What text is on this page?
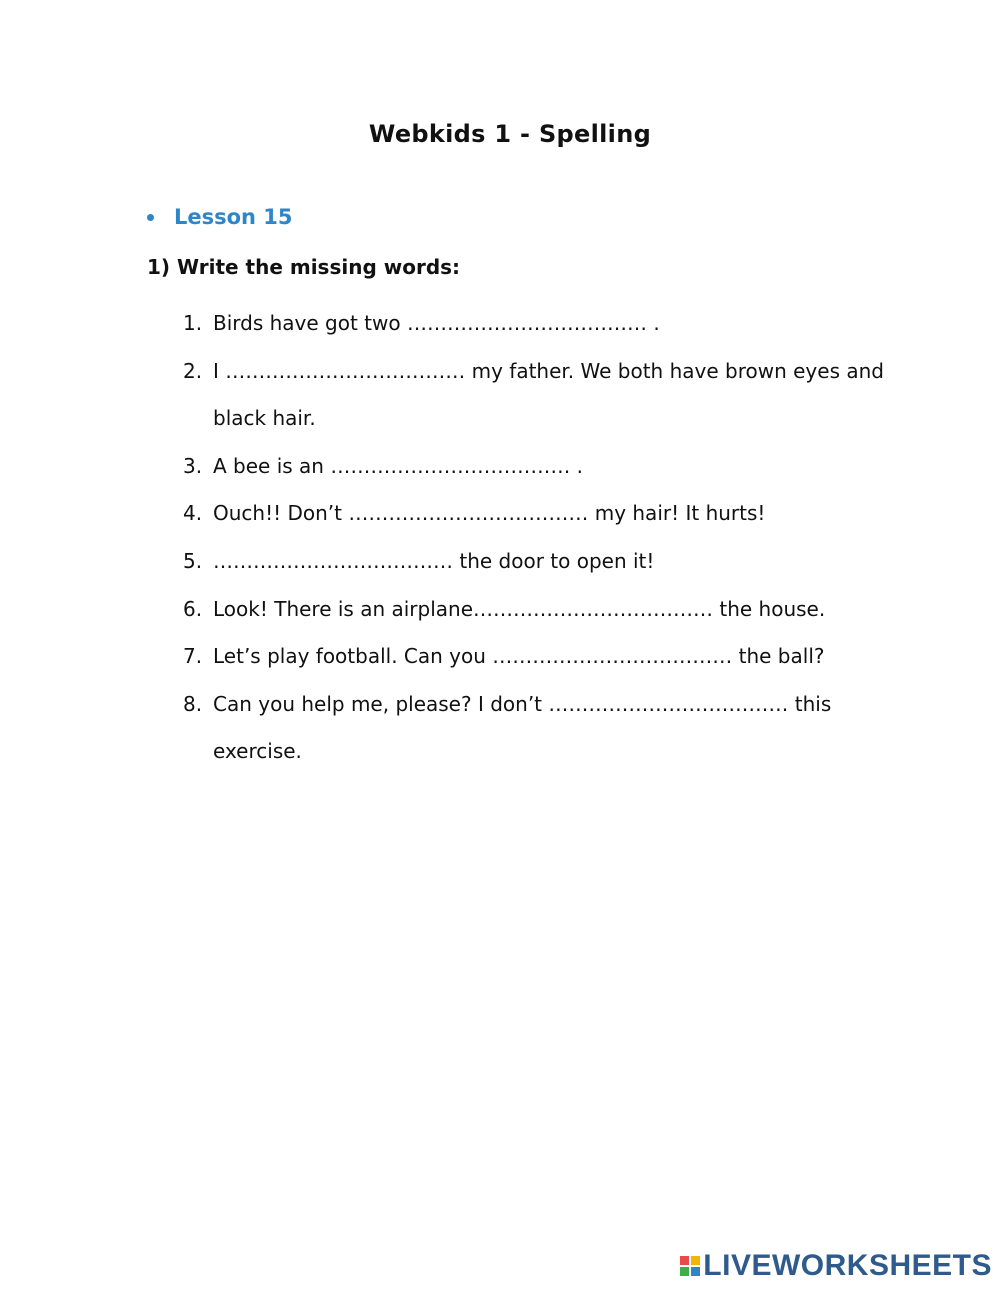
Webkids 1 - Spelling
Lesson 15
1) Write the missing words:
1. Birds have got two ……………………………… .
2. I ……………………………… my father. We both have brown eyes and black hair.
3. A bee is an ……………………………… .
4. Ouch!! Don’t ……………………………… my hair! It hurts!
5. ……………………………… the door to open it!
6. Look! There is an airplane……………………………… the house.
7. Let’s play football. Can you ……………………………… the ball?
8. Can you help me, please? I don’t ……………………………… this exercise.
LIVEWORKSHEETS
